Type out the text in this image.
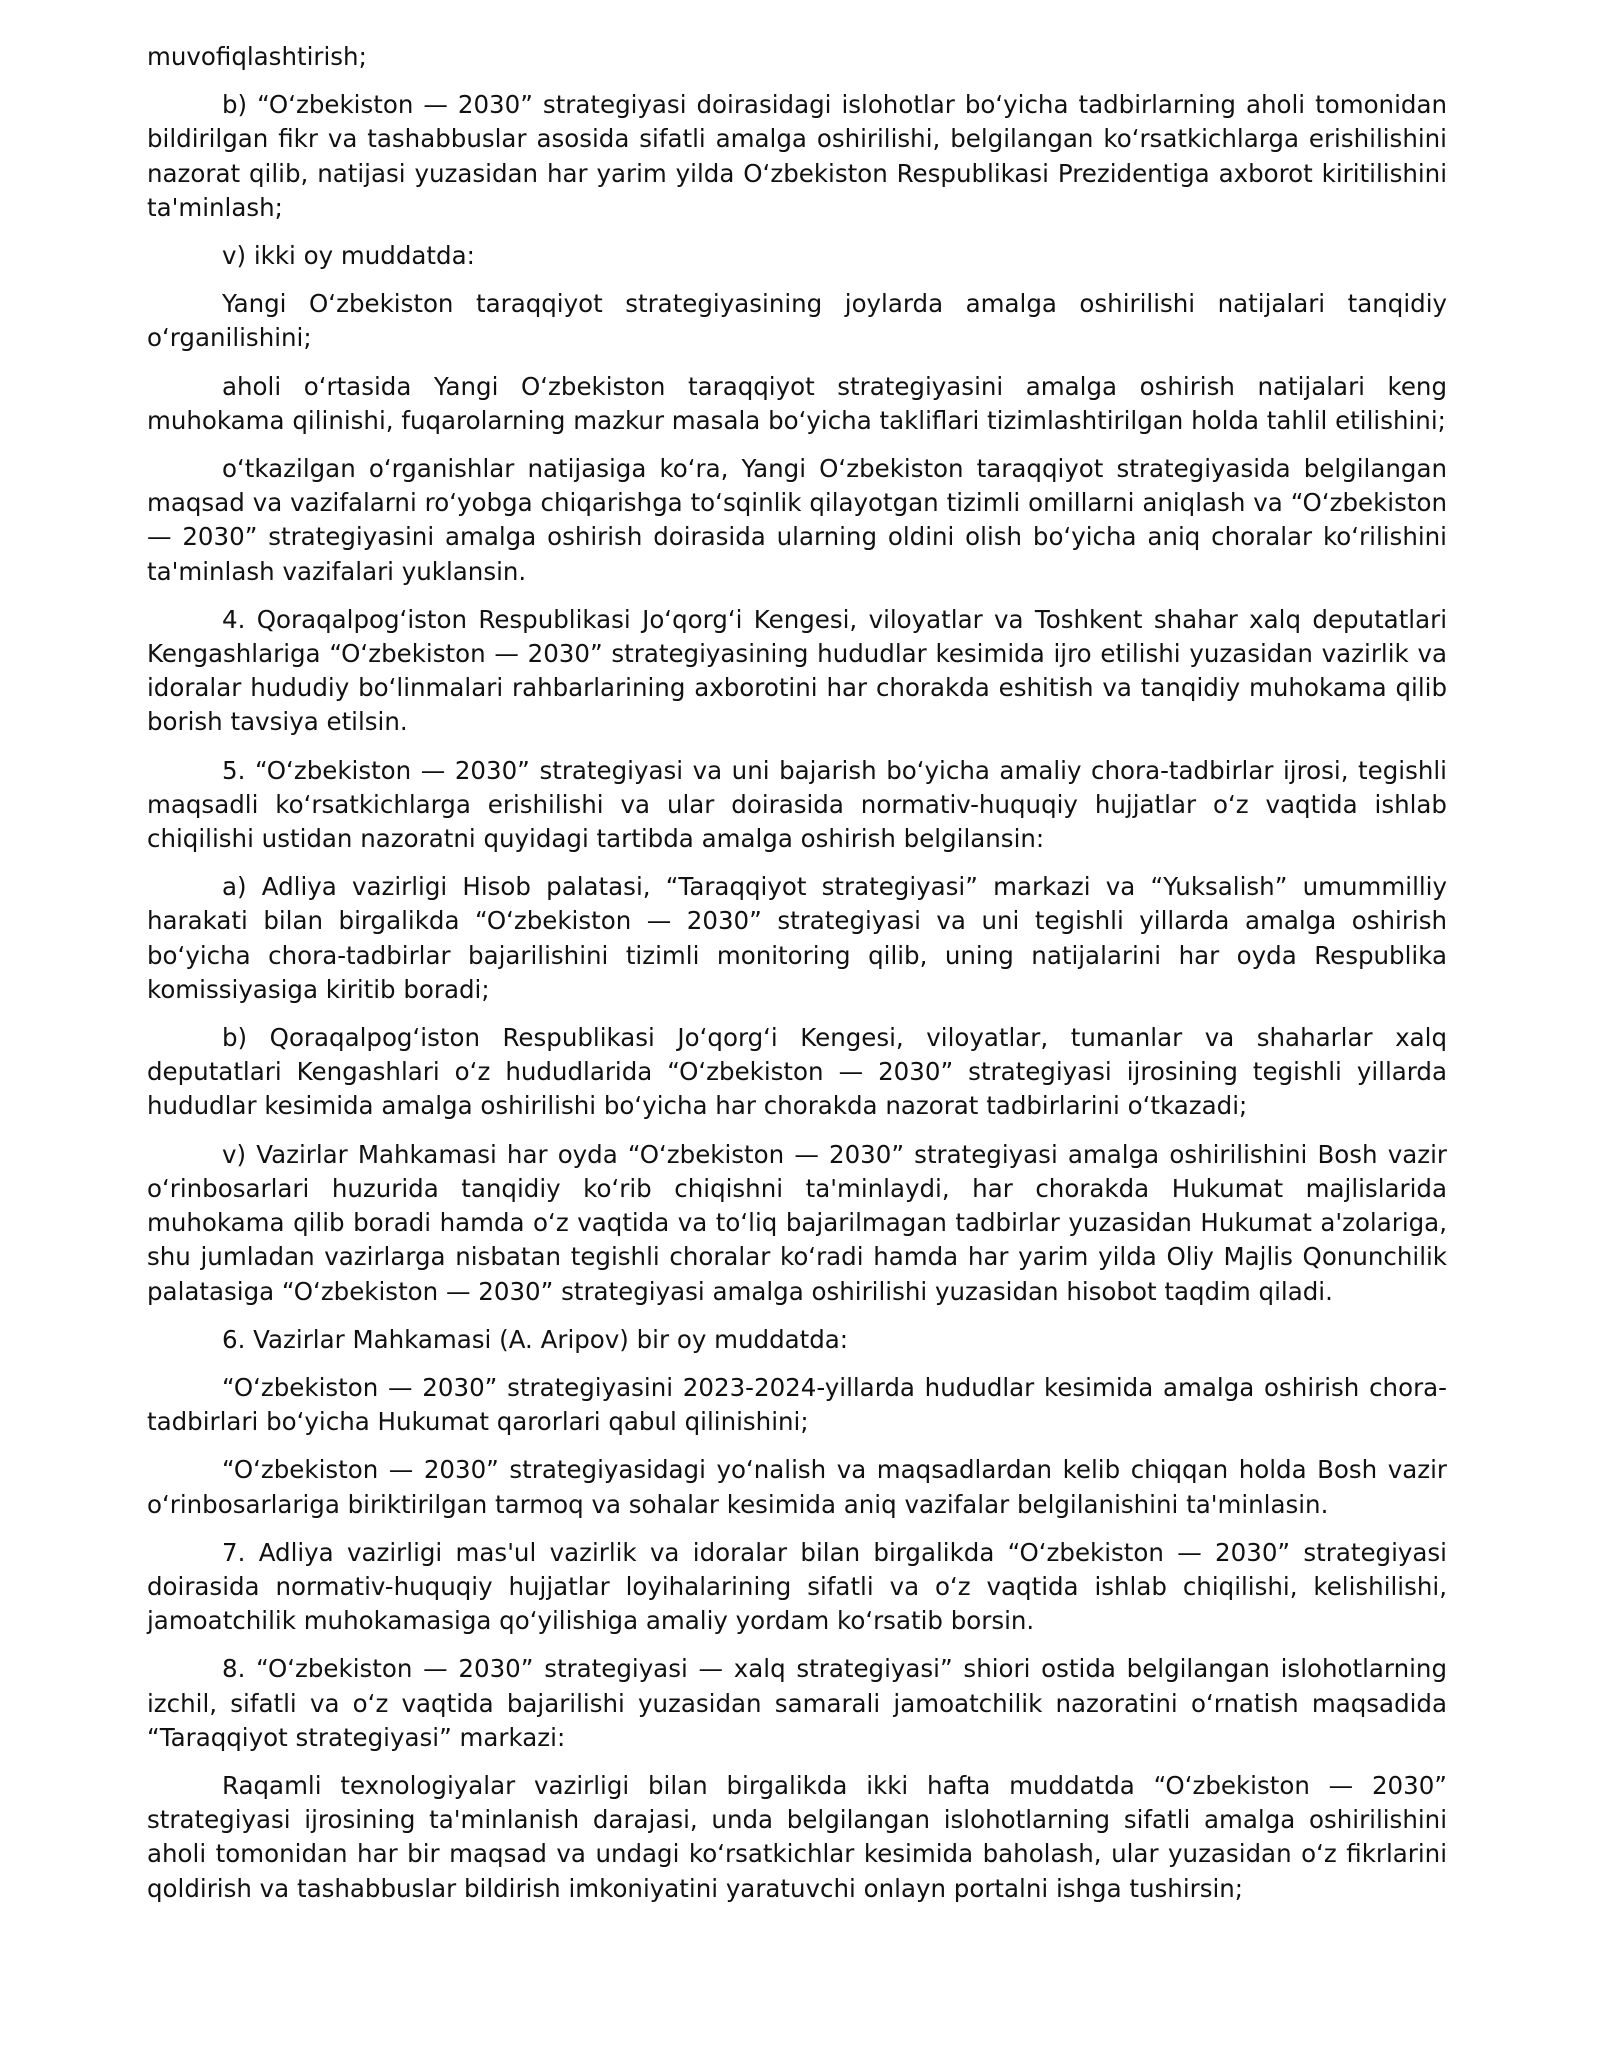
muvofiqlashtirish;

b) “Oʻzbekiston — 2030” strategiyasi doirasidagi islohotlar boʻyicha tadbirlarning aholi tomonidan bildirilgan fikr va tashabbuslar asosida sifatli amalga oshirilishi, belgilangan koʻrsatkichlarga erishilishini nazorat qilib, natijasi yuzasidan har yarim yilda Oʻzbekiston Respublikasi Prezidentiga axborot kiritilishini ta'minlash;

v) ikki oy muddatda:

Yangi Oʻzbekiston taraqqiyot strategiyasining joylarda amalga oshirilishi natijalari tanqidiy oʻrganilishini;

aholi oʻrtasida Yangi Oʻzbekiston taraqqiyot strategiyasini amalga oshirish natijalari keng muhokama qilinishi, fuqarolarning mazkur masala boʻyicha takliflari tizimlashtirilgan holda tahlil etilishini;

oʻtkazilgan oʻrganishlar natijasiga koʻra, Yangi Oʻzbekiston taraqqiyot strategiyasida belgilangan maqsad va vazifalarni roʻyobga chiqarishga toʻsqinlik qilayotgan tizimli omillarni aniqlash va “Oʻzbekiston — 2030” strategiyasini amalga oshirish doirasida ularning oldini olish boʻyicha aniq choralar koʻrilishini ta'minlash vazifalari yuklansin.

4. Qoraqalpogʻiston Respublikasi Joʻqorgʻi Kengesi, viloyatlar va Toshkent shahar xalq deputatlari Kengashlariga “Oʻzbekiston — 2030” strategiyasining hududlar kesimida ijro etilishi yuzasidan vazirlik va idoralar hududiy boʻlinmalari rahbarlarining axborotini har chorakda eshitish va tanqidiy muhokama qilib borish tavsiya etilsin.

5. “Oʻzbekiston — 2030” strategiyasi va uni bajarish boʻyicha amaliy chora-tadbirlar ijrosi, tegishli maqsadli koʻrsatkichlarga erishilishi va ular doirasida normativ-huquqiy hujjatlar oʻz vaqtida ishlab chiqilishi ustidan nazoratni quyidagi tartibda amalga oshirish belgilansin:

a) Adliya vazirligi Hisob palatasi, “Taraqqiyot strategiyasi” markazi va “Yuksalish” umummilliy harakati bilan birgalikda “Oʻzbekiston — 2030” strategiyasi va uni tegishli yillarda amalga oshirish boʻyicha chora-tadbirlar bajarilishini tizimli monitoring qilib, uning natijalarini har oyda Respublika komissiyasiga kiritib boradi;

b) Qoraqalpogʻiston Respublikasi Joʻqorgʻi Kengesi, viloyatlar, tumanlar va shaharlar xalq deputatlari Kengashlari oʻz hududlarida “Oʻzbekiston — 2030” strategiyasi ijrosining tegishli yillarda hududlar kesimida amalga oshirilishi boʻyicha har chorakda nazorat tadbirlarini oʻtkazadi;

v) Vazirlar Mahkamasi har oyda “Oʻzbekiston — 2030” strategiyasi amalga oshirilishini Bosh vazir oʻrinbosarlari huzurida tanqidiy koʻrib chiqishni ta'minlaydi, har chorakda Hukumat majlislarida muhokama qilib boradi hamda oʻz vaqtida va toʻliq bajarilmagan tadbirlar yuzasidan Hukumat a'zolariga, shu jumladan vazirlarga nisbatan tegishli choralar koʻradi hamda har yarim yilda Oliy Majlis Qonunchilik palatasiga “Oʻzbekiston — 2030” strategiyasi amalga oshirilishi yuzasidan hisobot taqdim qiladi.

6. Vazirlar Mahkamasi (A. Aripov) bir oy muddatda:

“Oʻzbekiston — 2030” strategiyasini 2023-2024-yillarda hududlar kesimida amalga oshirish chora-tadbirlari boʻyicha Hukumat qarorlari qabul qilinishini;

“Oʻzbekiston — 2030” strategiyasidagi yoʻnalish va maqsadlardan kelib chiqqan holda Bosh vazir oʻrinbosarlariga biriktirilgan tarmoq va sohalar kesimida aniq vazifalar belgilanishini ta'minlasin.

7. Adliya vazirligi mas'ul vazirlik va idoralar bilan birgalikda “Oʻzbekiston — 2030” strategiyasi doirasida normativ-huquqiy hujjatlar loyihalarining sifatli va oʻz vaqtida ishlab chiqilishi, kelishilishi, jamoatchilik muhokamasiga qoʻyilishiga amaliy yordam koʻrsatib borsin.

8. “Oʻzbekiston — 2030” strategiyasi — xalq strategiyasi” shiori ostida belgilangan islohotlarning izchil, sifatli va oʻz vaqtida bajarilishi yuzasidan samarali jamoatchilik nazoratini oʻrnatish maqsadida “Taraqqiyot strategiyasi” markazi:

Raqamli texnologiyalar vazirligi bilan birgalikda ikki hafta muddatda “Oʻzbekiston — 2030” strategiyasi ijrosining ta'minlanish darajasi, unda belgilangan islohotlarning sifatli amalga oshirilishini aholi tomonidan har bir maqsad va undagi koʻrsatkichlar kesimida baholash, ular yuzasidan oʻz fikrlarini qoldirish va tashabbuslar bildirish imkoniyatini yaratuvchi onlayn portalni ishga tushirsin;
